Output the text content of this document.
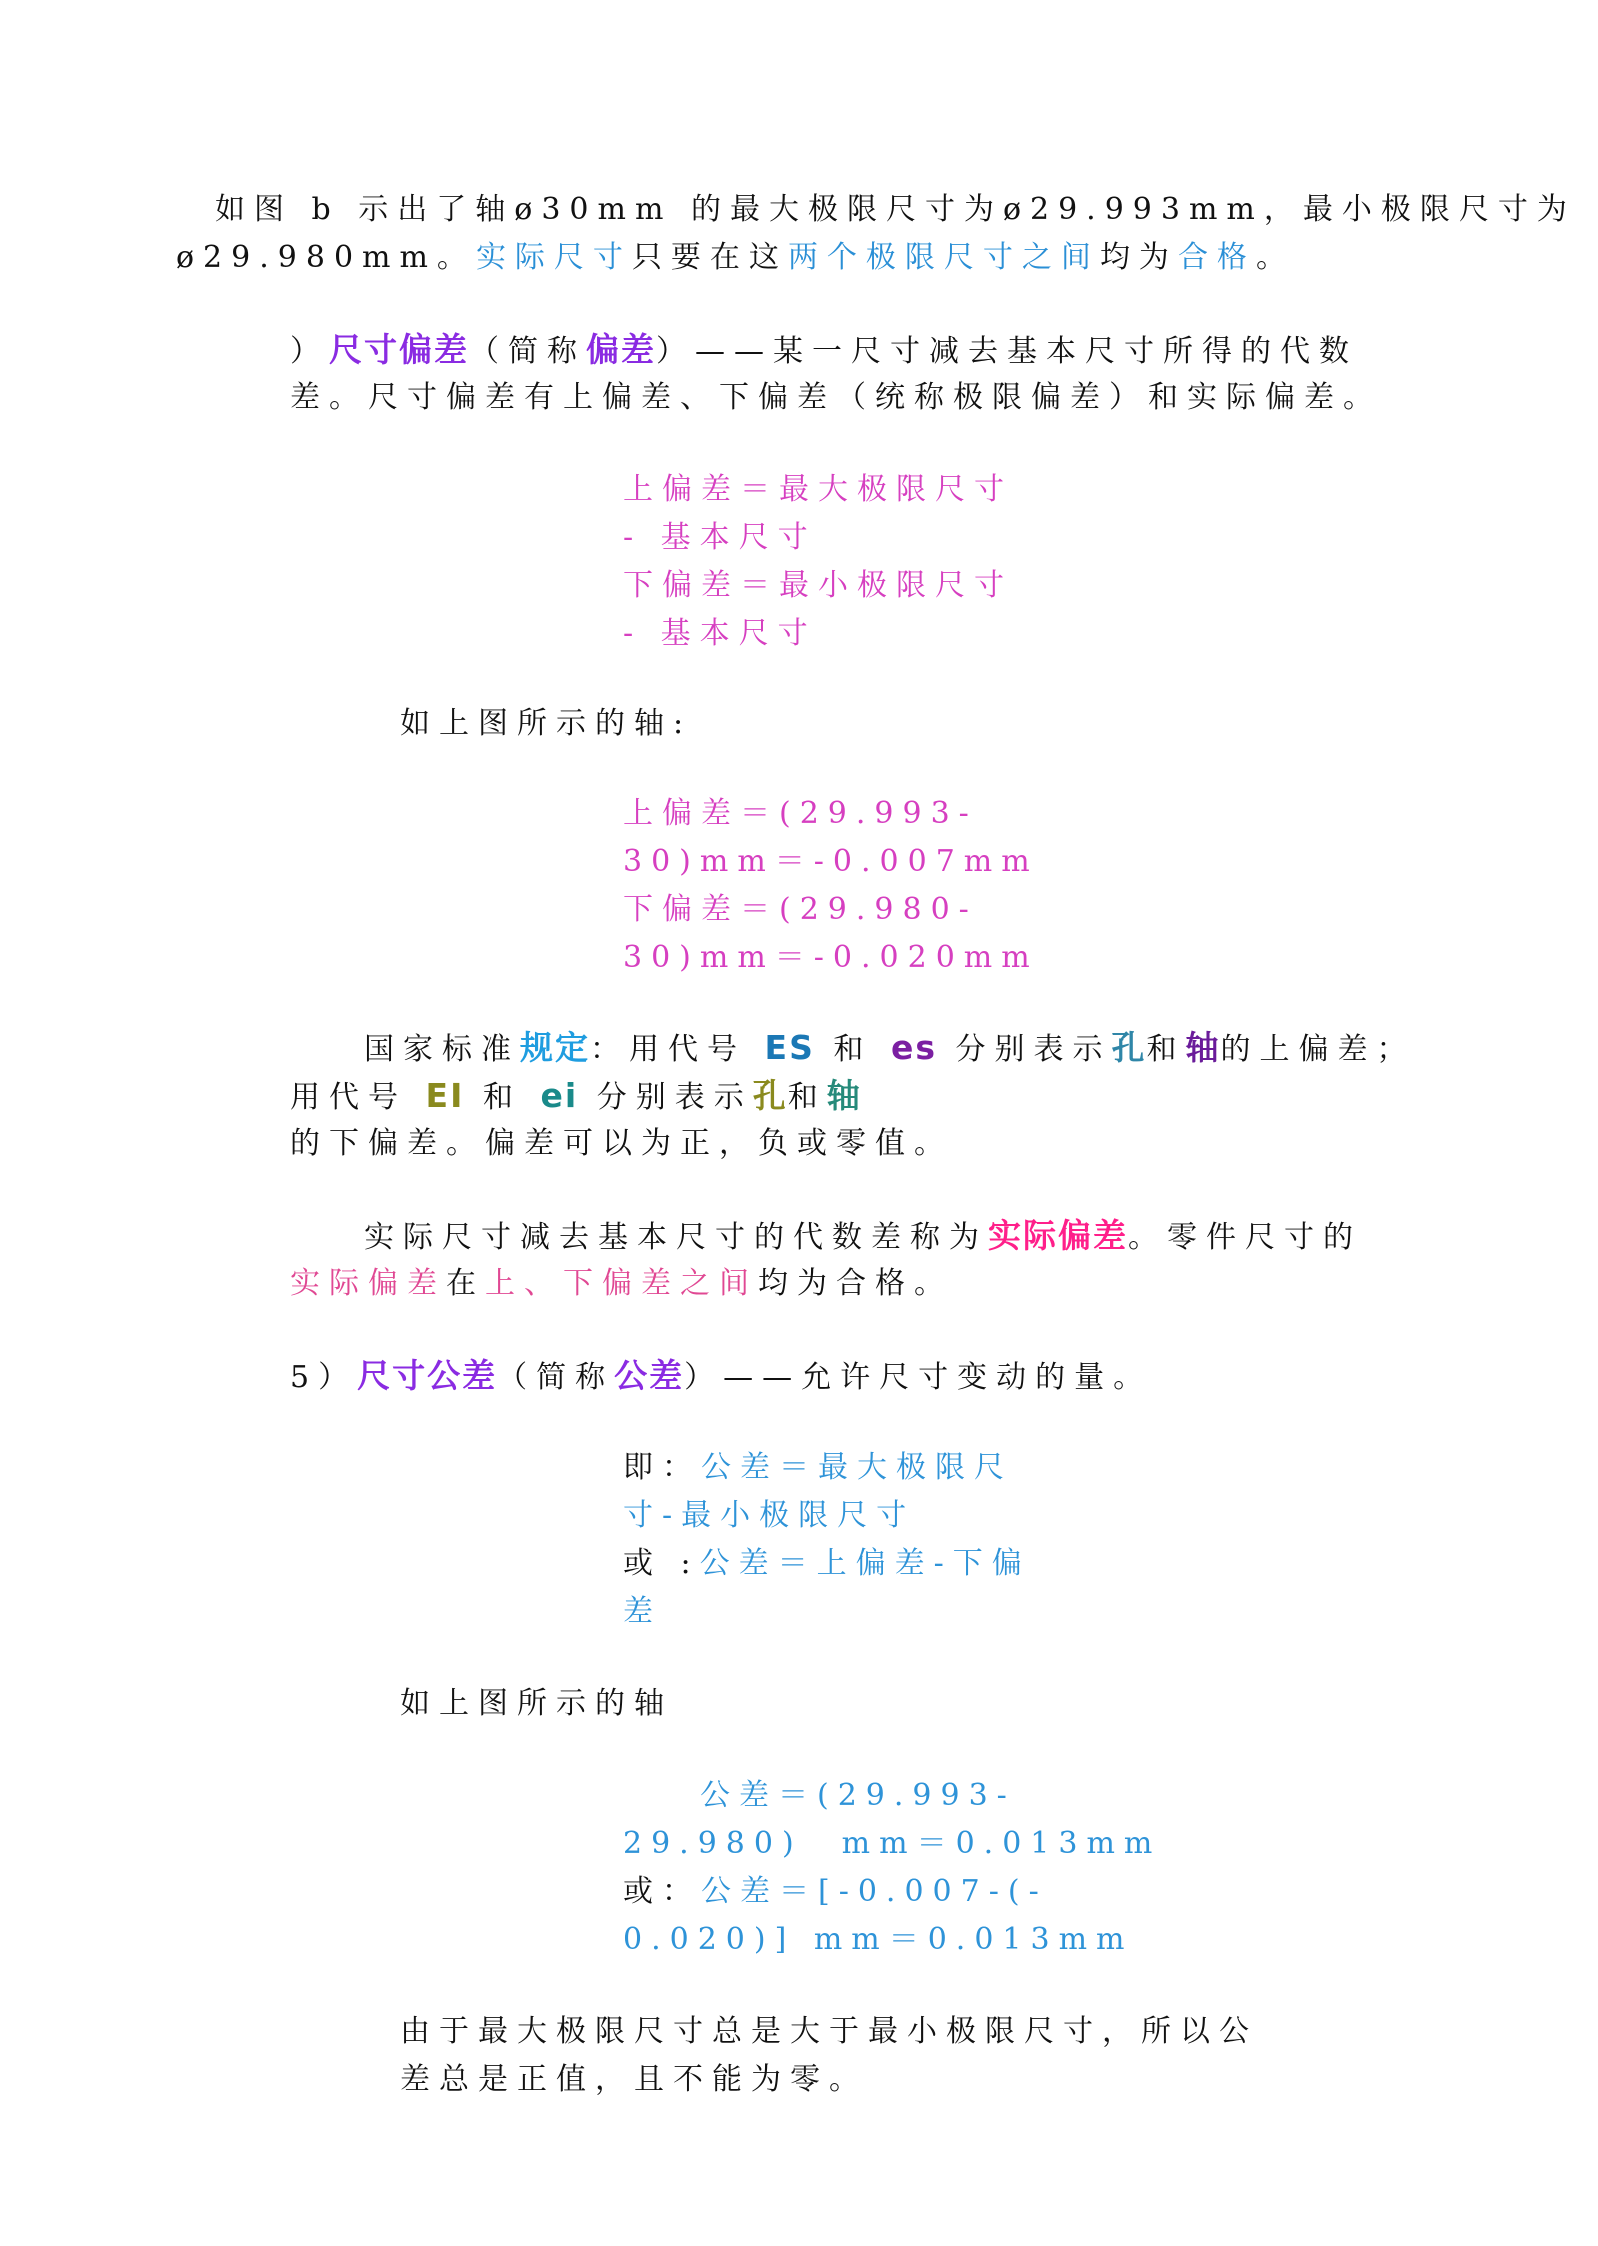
如图 b 示出了轴ø30mm 的最大极限尺寸为ø29.993mm，最小极限尺寸为
ø29.980mm。实际尺寸只要在这两个极限尺寸之间均为合格。
）尺寸偏差（简称偏差）——某一尺寸减去基本尺寸所得的代数
差。尺寸偏差有上偏差、下偏差（统称极限偏差）和实际偏差。
上偏差＝最大极限尺寸
- 基本尺寸
下偏差＝最小极限尺寸
- 基本尺寸
如上图所示的轴:
上偏差＝(29.993-
30)mm＝-0.007mm
下偏差＝(29.980-
30)mm＝-0.020mm
国家标准规定：用代号 ES 和 es 分别表示孔和轴的上偏差；
用代号 EI 和 ei 分别表示孔和轴
的下偏差。偏差可以为正，负或零值。
实际尺寸减去基本尺寸的代数差称为实际偏差。零件尺寸的
实际偏差在上、下偏差之间均为合格。
5）尺寸公差（简称公差）——允许尺寸变动的量。
即：公差＝最大极限尺
寸-最小极限尺寸
或 :公差＝上偏差-下偏
差
如上图所示的轴
公差＝(29.993-
29.980)　mm＝0.013mm
或：公差＝[-0.007-(-
0.020)] mm＝0.013mm
由于最大极限尺寸总是大于最小极限尺寸，所以公
差总是正值，且不能为零。
